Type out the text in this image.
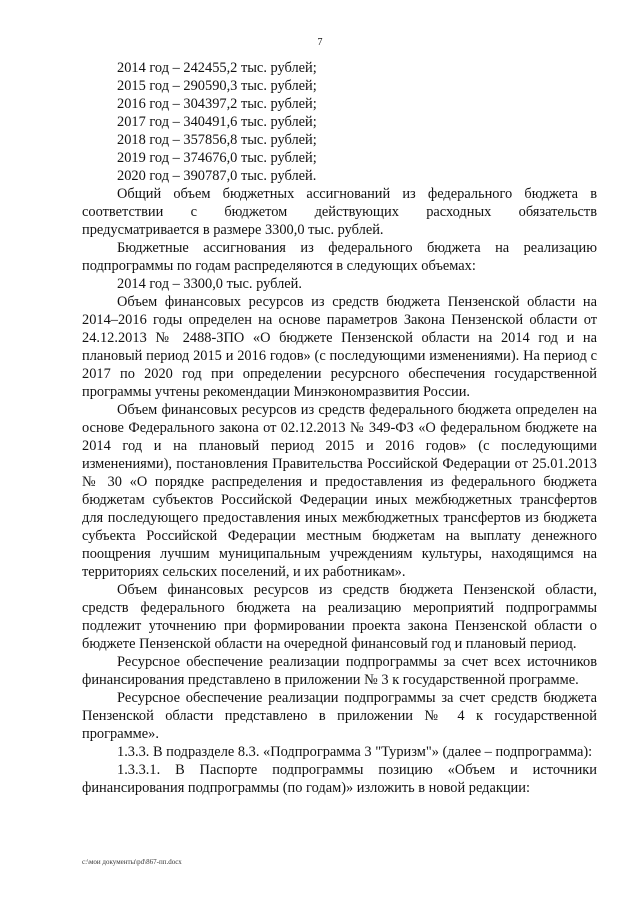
7

2014 год – 242455,2 тыс. рублей;

2015 год – 290590,3 тыс. рублей;

2016 год – 304397,2 тыс. рублей;

2017 год – 340491,6 тыс. рублей;

2018 год – 357856,8 тыс. рублей;

2019 год – 374676,0 тыс. рублей;

2020 год – 390787,0 тыс. рублей.

Общий объем бюджетных ассигнований из федерального бюджета в соответствии с бюджетом действующих расходных обязательств предусматривается в размере 3300,0 тыс. рублей.

Бюджетные ассигнования из федерального бюджета на реализацию подпрограммы по годам распределяются в следующих объемах:

2014 год – 3300,0 тыс. рублей.

Объем финансовых ресурсов из средств бюджета Пензенской области на 2014–2016 годы определен на основе параметров Закона Пензенской области от 24.12.2013 № 2488-ЗПО «О бюджете Пензенской области на 2014 год и на плановый период 2015 и 2016 годов» (с последующими изменениями). На период с 2017 по 2020 год при определении ресурсного обеспечения государственной программы учтены рекомендации Минэкономразвития России.

Объем финансовых ресурсов из средств федерального бюджета определен на основе Федерального закона от 02.12.2013 № 349-ФЗ «О федеральном бюджете на 2014 год и на плановый период 2015 и 2016 годов» (с последующими изменениями), постановления Правительства Российской Федерации от 25.01.2013 № 30 «О порядке распределения и предоставления из федерального бюджета бюджетам субъектов Российской Федерации иных межбюджетных трансфертов для последующего предоставления иных межбюджетных трансфертов из бюджета субъекта Российской Федерации местным бюджетам на выплату денежного поощрения лучшим муниципальным учреждениям культуры, находящимся на территориях сельских поселений, и их работникам».

Объем финансовых ресурсов из средств бюджета Пензенской области, средств федерального бюджета на реализацию мероприятий подпрограммы подлежит уточнению при формировании проекта закона Пензенской области о бюджете Пензенской области на очередной финансовый год и плановый период.

Ресурсное обеспечение реализации подпрограммы за счет всех источников финансирования представлено в приложении № 3 к государственной программе.

Ресурсное обеспечение реализации подпрограммы за счет средств бюджета Пензенской области представлено в приложении № 4 к государственной программе».

1.3.3. В подразделе 8.3. «Подпрограмма 3 "Туризм"» (далее – подпрограмма):

1.3.3.1. В Паспорте подпрограммы позицию «Объем и источники финансирования подпрограммы (по годам)» изложить в новой редакции:

c:\мои документы\pd\867-пп.docx
